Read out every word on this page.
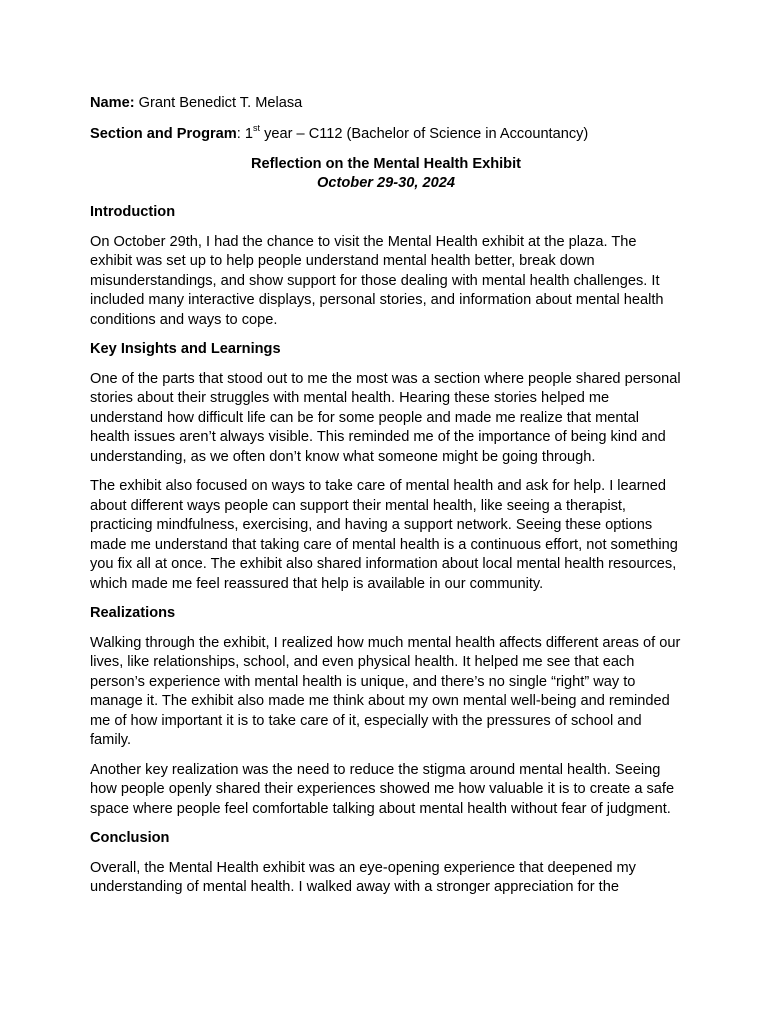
Name: Grant Benedict T. Melasa

Section and Program: 1st year – C112 (Bachelor of Science in Accountancy)

Reflection on the Mental Health Exhibit
October 29-30, 2024

Introduction

On October 29th, I had the chance to visit the Mental Health exhibit at the plaza. The exhibit was set up to help people understand mental health better, break down misunderstandings, and show support for those dealing with mental health challenges. It included many interactive displays, personal stories, and information about mental health conditions and ways to cope.

Key Insights and Learnings

One of the parts that stood out to me the most was a section where people shared personal stories about their struggles with mental health. Hearing these stories helped me understand how difficult life can be for some people and made me realize that mental health issues aren’t always visible. This reminded me of the importance of being kind and understanding, as we often don’t know what someone might be going through.

The exhibit also focused on ways to take care of mental health and ask for help. I learned about different ways people can support their mental health, like seeing a therapist, practicing mindfulness, exercising, and having a support network. Seeing these options made me understand that taking care of mental health is a continuous effort, not something you fix all at once. The exhibit also shared information about local mental health resources, which made me feel reassured that help is available in our community.

Realizations

Walking through the exhibit, I realized how much mental health affects different areas of our lives, like relationships, school, and even physical health. It helped me see that each person’s experience with mental health is unique, and there’s no single “right” way to manage it. The exhibit also made me think about my own mental well-being and reminded me of how important it is to take care of it, especially with the pressures of school and family.

Another key realization was the need to reduce the stigma around mental health. Seeing how people openly shared their experiences showed me how valuable it is to create a safe space where people feel comfortable talking about mental health without fear of judgment.

Conclusion

Overall, the Mental Health exhibit was an eye-opening experience that deepened my understanding of mental health. I walked away with a stronger appreciation for the
